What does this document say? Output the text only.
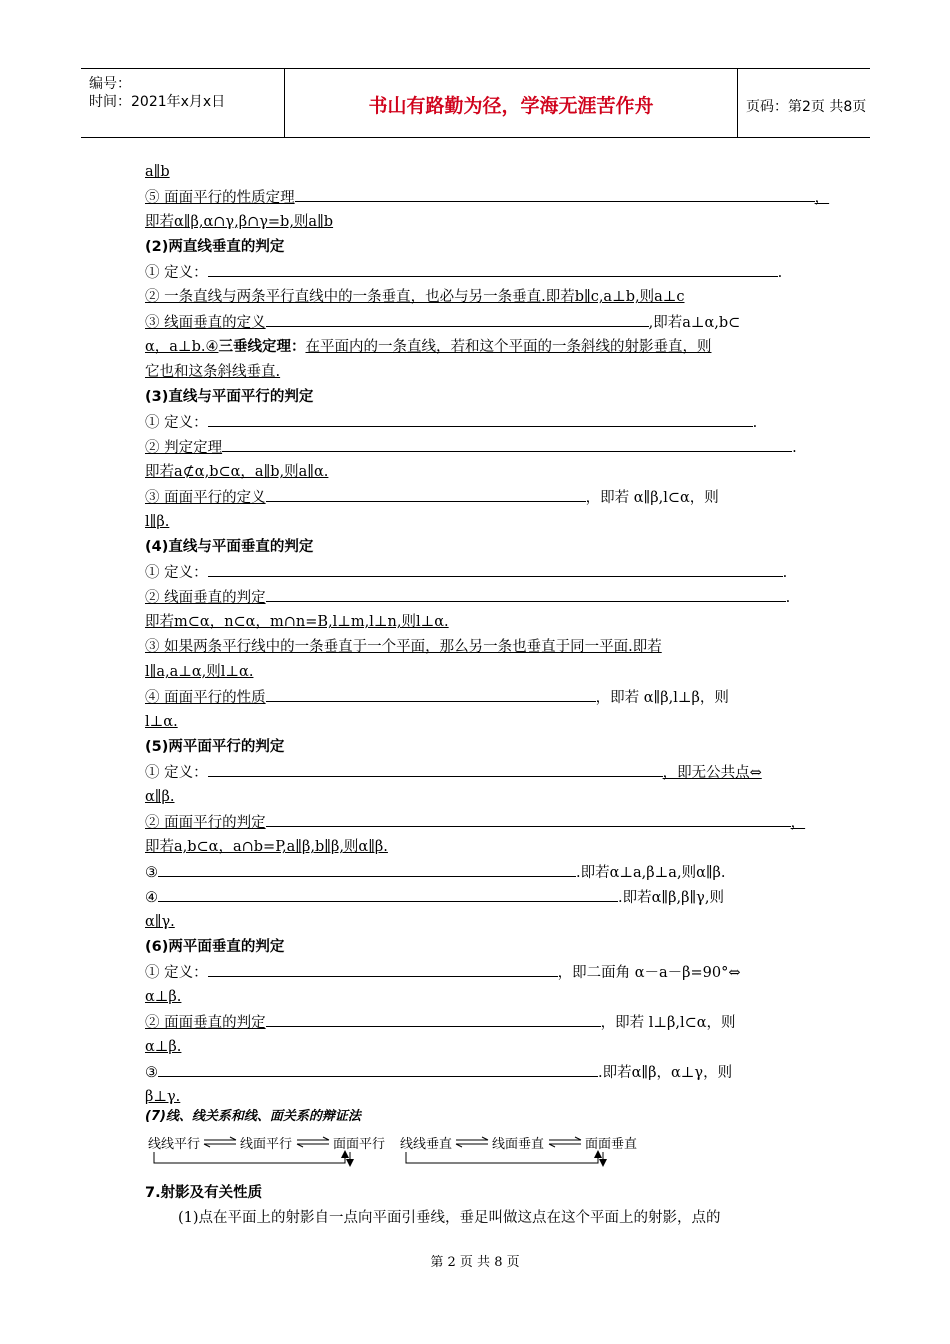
编号：
时间：2021年x月x日	书山有路勤为径，学海无涯苦作舟	页码：第2页 共8页
a∥b
⑤ 面面平行的性质定理	，
即若α∥β,α∩γ,β∩γ=b,则a∥b
(2)两直线垂直的判定
① 定义：	.
② 一条直线与两条平行直线中的一条垂直，也必与另一条垂直.即若b∥c,a⊥b,则a⊥c
③ 线面垂直的定义	,即若a⊥α,b⊂
α，a⊥b.④三垂线定理：在平面内的一条直线，若和这个平面的一条斜线的射影垂直，则
它也和这条斜线垂直.
(3)直线与平面平行的判定
① 定义：	.
② 判定定理	.
即若a⊄α,b⊂α，a∥b,则a∥α.
③ 面面平行的定义	，即若 α∥β,l⊂α，则
l∥β.
(4)直线与平面垂直的判定
① 定义：	.
② 线面垂直的判定	.
即若m⊂α，n⊂α，m∩n=B,l⊥m,l⊥n,则l⊥α.
③ 如果两条平行线中的一条垂直于一个平面，那么另一条也垂直于同一平面.即若
l∥a,a⊥α,则l⊥α.
④ 面面平行的性质	，即若 α∥β,l⊥β，则
l⊥α.
(5)两平面平行的判定
① 定义：	，即无公共点⇔
α∥β.
② 面面平行的判定	，
即若a,b⊂α，a∩b=P,a∥β,b∥β,则α∥β.
③	.即若α⊥a,β⊥a,则α∥β.
④	.即若α∥β,β∥γ,则
α∥γ.
(6)两平面垂直的判定
① 定义：	，即二面角 α－a－β=90°⇔
α⊥β.
② 面面垂直的判定	，即若 l⊥β,l⊂α，则
α⊥β.
③	.即若α∥β，α⊥γ，则
β⊥γ.
(7)线、线关系和线、面关系的辩证法
线线平行	线面平行	面面平行 线线垂直	线面垂直	面面垂直
7.射影及有关性质
(1)点在平面上的射影自一点向平面引垂线，垂足叫做这点在这个平面上的射影，点的
第 2 页 共 8 页
